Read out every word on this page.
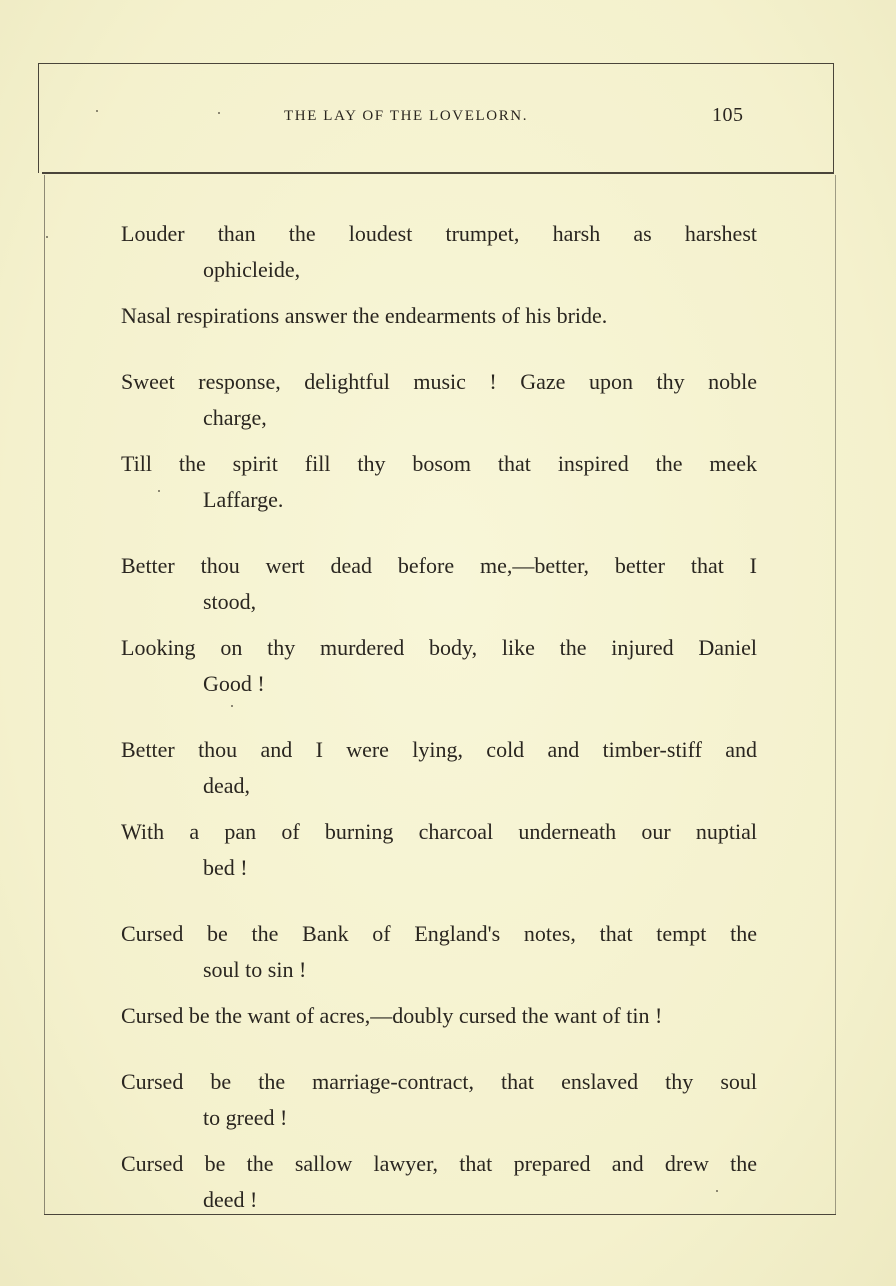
THE LAY OF THE LOVELORN.	105
Louder than the loudest trumpet, harsh as harshest
ophicleide,
Nasal respirations answer the endearments of his bride.
Sweet response, delightful music ! Gaze upon thy noble
charge,
Till the spirit fill thy bosom that inspired the meek
Laffarge.
Better thou wert dead before me,—better, better that I
stood,
Looking on thy murdered body, like the injured Daniel
Good !
Better thou and I were lying, cold and timber-stiff and
dead,
With a pan of burning charcoal underneath our nuptial
bed !
Cursed be the Bank of England's notes, that tempt the
soul to sin !
Cursed be the want of acres,—doubly cursed the want of tin !
Cursed be the marriage-contract, that enslaved thy soul
to greed !
Cursed be the sallow lawyer, that prepared and drew the
deed !
